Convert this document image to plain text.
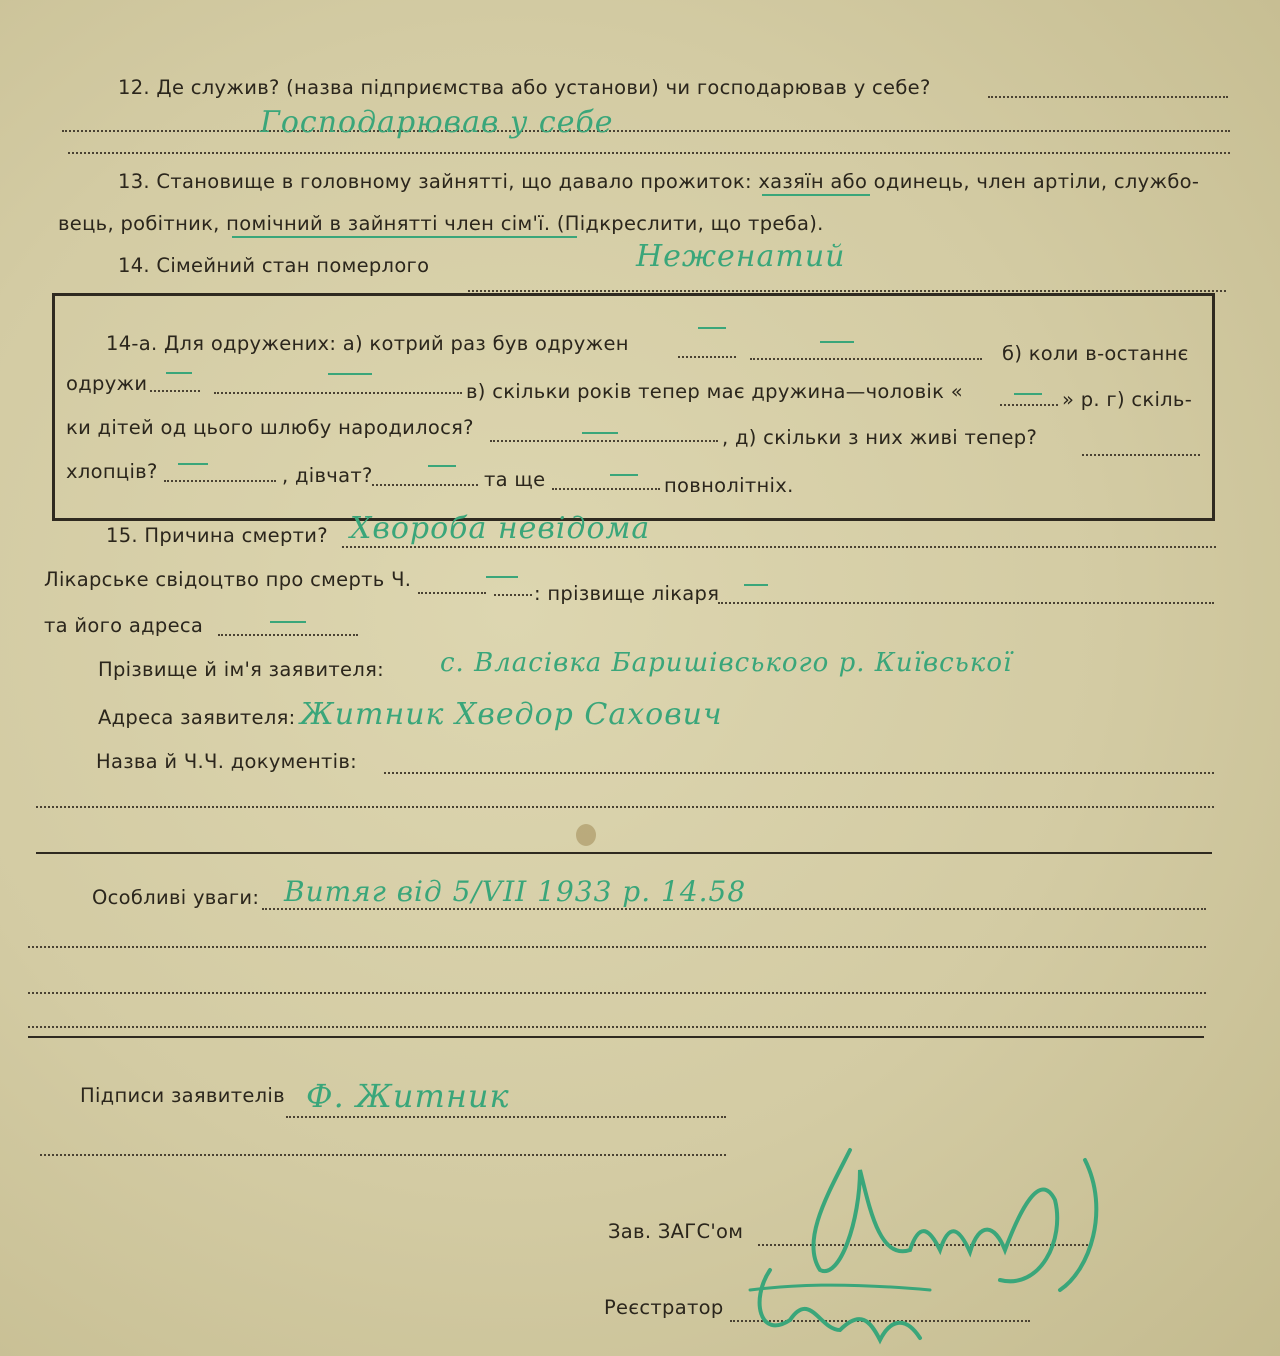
12. Де служив? (назва підприємства або установи) чи господарював у себе?
Господарював у себе
13. Становище в головному зайнятті, що давало прожиток: хазяїн або одинець, член артіли, службо-
вець, робітник, помічний в зайнятті член сім'ї. (Підкреслити, що треба).
14. Сімейний стан померлого	Неженатий
14-а. Для одружених: а) котрий раз був одружен	б) коли в-останнє
одружи	в) скільки років тепер має дружина—чоловік «	» р. г) скіль-
ки дітей од цього шлюбу народилося?	, д) скільки з них живі тепер?
хлопців?	, дівчат?	та ще	повнолітніх.
15. Причина смерти? Хвороба невідома
Лікарське свідоцтво про смерть Ч.
: прізвище лікаря
та його адреса
Прізвище й ім'я заявителя: с. Власівка Баришівського р. Київської
Адреса заявителя: Житник Хведор Сахович
Назва й Ч.Ч. документів:
Особливі уваги: Витяг від 5/VII 1933 р. 14.58
Підписи заявителів Ф. Житник
Зав. ЗАГС'ом
Реєстратор
